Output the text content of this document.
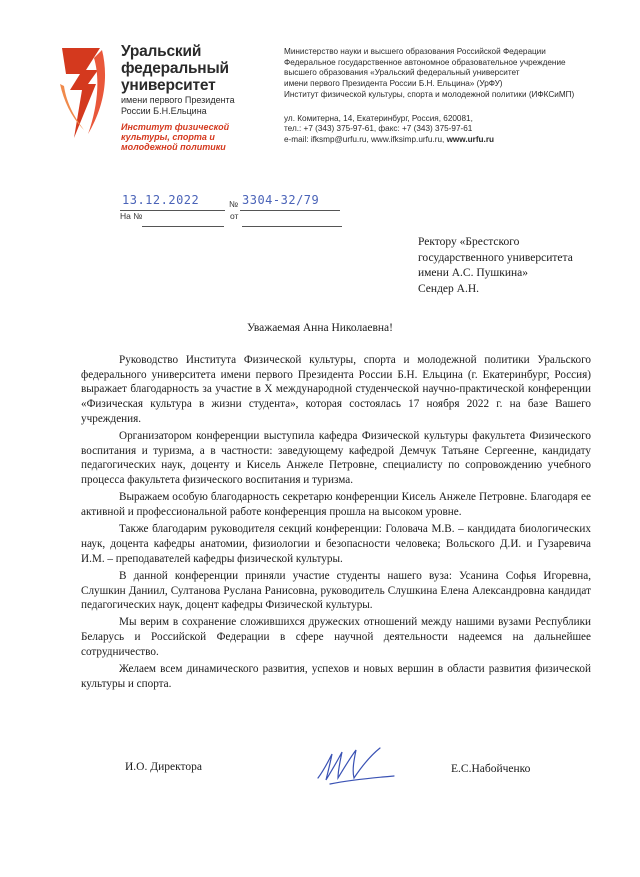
Уральский
федеральный
университет
имени первого Президента
России Б.Н.Ельцина
Институт физической
культуры, спорта и
молодежной политики
Министерство науки и высшего образования Российской Федерации
Федеральное государственное автономное образовательное учреждение
высшего образования «Уральский федеральный университет
имени первого Президента России Б.Н. Ельцина» (УрФУ)
Институт физической культуры, спорта и молодежной политики (ИФКСиМП)
ул. Комитерна, 14, Екатеринбург, Россия, 620081,
тел.: +7 (343) 375-97-61, факс: +7 (343) 375-97-61
e-mail: ifksmp@urfu.ru, www.ifksimp.urfu.ru, www.urfu.ru
13.12.2022	№ 3304-32/79
На №	от
Ректору «Брестского
государственного университета
имени А.С. Пушкина»
Сендер А.Н.
Уважаемая Анна Николаевна!

Руководство Института Физической культуры, спорта и молодежной политики Уральского федерального университета имени первого Президента России Б.Н. Ельцина (г. Екатеринбург, Россия) выражает благодарность за участие в X международной студенческой научно-практической конференции «Физическая культура в жизни студента», которая состоялась 17 ноября 2022 г. на базе Вашего учреждения.

Организатором конференции выступила кафедра Физической культуры факультета Физического воспитания и туризма, а в частности: заведующему кафедрой Демчук Татьяне Сергеенне, кандидату педагогических наук, доценту и Кисель Анжеле Петровне, специалисту по сопровождению учебного процесса факультета физического воспитания и туризма.

Выражаем особую благодарность секретарю конференции Кисель Анжеле Петровне. Благодаря ее активной и профессиональной работе конференция прошла на высоком уровне.

Также благодарим руководителя секций конференции: Головача М.В. – кандидата биологических наук, доцента кафедры анатомии, физиологии и безопасности человека; Вольского Д.И. и Гузаревича И.М. – преподавателей кафедры физической культуры.

В данной конференции приняли участие студенты нашего вуза: Усанина Софья Игоревна, Слушкин Даниил, Султанова Руслана Ранисовна, руководитель Слушкина Елена Александровна кандидат педагогических наук, доцент кафедры Физической культуры.

Мы верим в сохранение сложившихся дружеских отношений между нашими вузами Республики Беларусь и Российской Федерации в сфере научной деятельности надеемся на дальнейшее сотрудничество.

Желаем всем динамического развития, успехов и новых вершин в области развития физической культуры и спорта.

И.О. Директора	Е.С.Набойченко
